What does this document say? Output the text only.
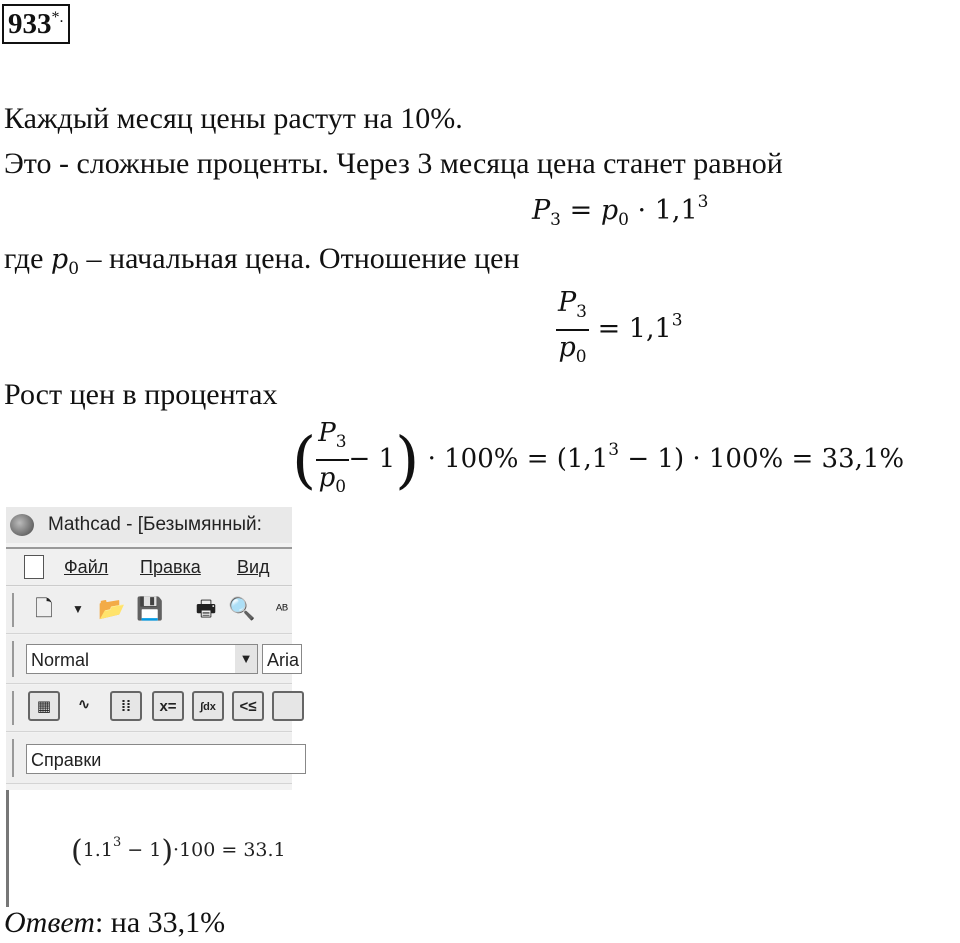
933*.
Каждый месяц цены растут на 10%.
Это - сложные проценты. Через 3 месяца цена станет равной
$P_3 = p_0 \cdot 1,1^3$
где $p_0$ – начальная цена. Отношение цен
$\frac{P_3}{p_0} = 1,1^3$
Рост цен в процентах
( $\frac{P_3}{p_0} - 1) \cdot 100\% = (1,1^3 - 1) \cdot 100\% = 33,1\%$
Mathcad - [Безымянный:
Файл Правка Вид
🗋	▼ 📂 💾 🖶 🔍	ᴬᴮ
Normal	▼ Aria
▦	∿	⁞⁞	x=	∫dx	<≤
Справки
$(1.1^3 - 1)\cdot 100 = 33.1$
Ответ: на 33,1%
